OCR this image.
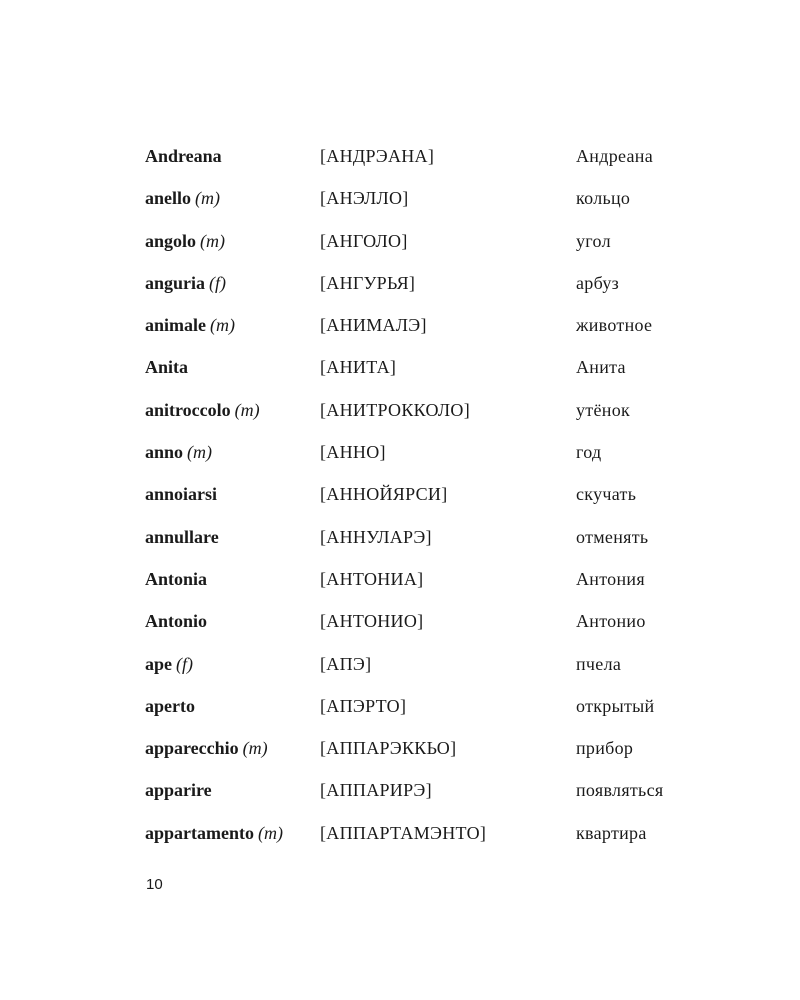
Andreana	[АНДРЭАНА]	Андреана
anello (m)	[АНЭЛЛО]	кольцо
angolo (m)	[АНГОЛО]	угол
anguria (f)	[АНГУРЬЯ]	арбуз
animale (m)	[АНИМАЛЭ]	животное
Anita	[АНИТА]	Анита
anitroccolo (m)	[АНИТРОККОЛО]	утёнок
anno (m)	[АННО]	год
annoiarsi	[АННОЙЯРСИ]	скучать
annullare	[АННУЛАРЭ]	отменять
Antonia	[АНТОНИА]	Антония
Antonio	[АНТОНИО]	Антонио
ape (f)	[АПЭ]	пчела
aperto	[АПЭРТО]	открытый
apparecchio (m)	[АППАРЭККЬО]	прибор
apparire	[АППАРИРЭ]	появляться
appartamento (m) [АППАРТАМЭНТО]	квартира
10
